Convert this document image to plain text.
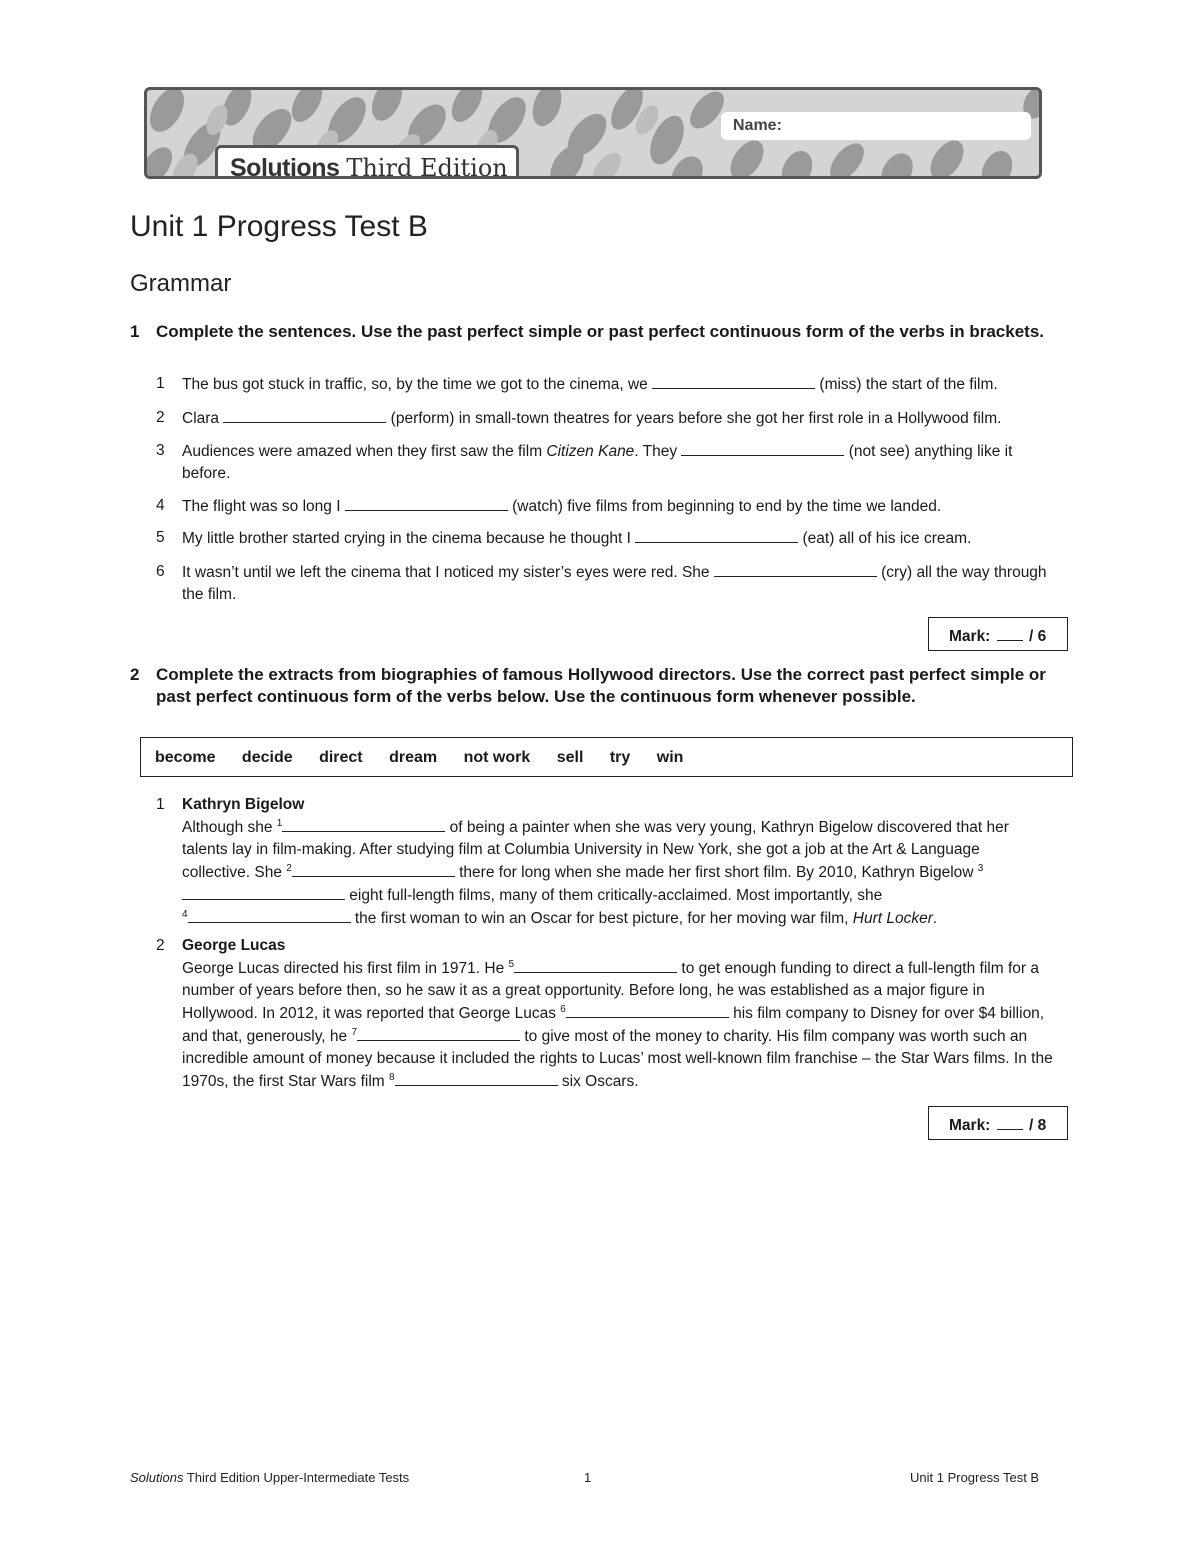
Name:
Solutions Third Edition
Unit 1 Progress Test B
Grammar
1 Complete the sentences. Use the past perfect simple or past perfect continuous form of the verbs in brackets.
1 The bus got stuck in traffic, so, by the time we got to the cinema, we	(miss) the start of the film.
2 Clara	(perform) in small-town theatres for years before she got her first role in a Hollywood film.
3 Audiences were amazed when they first saw the film Citizen Kane. They	(not see) anything like it before.
4 The flight was so long I	(watch) five films from beginning to end by the time we landed.
5 My little brother started crying in the cinema because he thought I	(eat) all of his ice cream.
6 It wasn’t until we left the cinema that I noticed my sister’s eyes were red. She	(cry) all the way through the film.
Mark: / 6
2 Complete the extracts from biographies of famous Hollywood directors. Use the correct past perfect simple or past perfect continuous form of the verbs below. Use the continuous form whenever possible.
become decide direct dream not work sell try win
1 Kathryn Bigelow
Although she $^1$	of being a painter when she was very young, Kathryn Bigelow discovered that her talents lay in film-making. After studying film at Columbia University in New York, she got a job at the Art & Language collective. She $^2$	there for long when she made her first short film. By 2010, Kathryn Bigelow $^3$ eight full-length films, many of them critically-acclaimed. Most importantly, she
$^4$	the first woman to win an Oscar for best picture, for her moving war film, Hurt Locker.
2 George Lucas
George Lucas directed his first film in 1971. He $^5$	to get enough funding to direct a full-length film for a number of years before then, so he saw it as a great opportunity. Before long, he was established as a major figure in Hollywood. In 2012, it was reported that George Lucas $^6$	his film company to Disney for over $4 billion, and that, generously, he $^7$	to give most of the money to charity. His film company was worth such an incredible amount of money because it included the rights to Lucas’ most well-known film franchise – the Star Wars films. In the 1970s, the first Star Wars film $^8$	six Oscars.
Mark: / 8
Solutions Third Edition Upper-Intermediate Tests	1	Unit 1 Progress Test B
